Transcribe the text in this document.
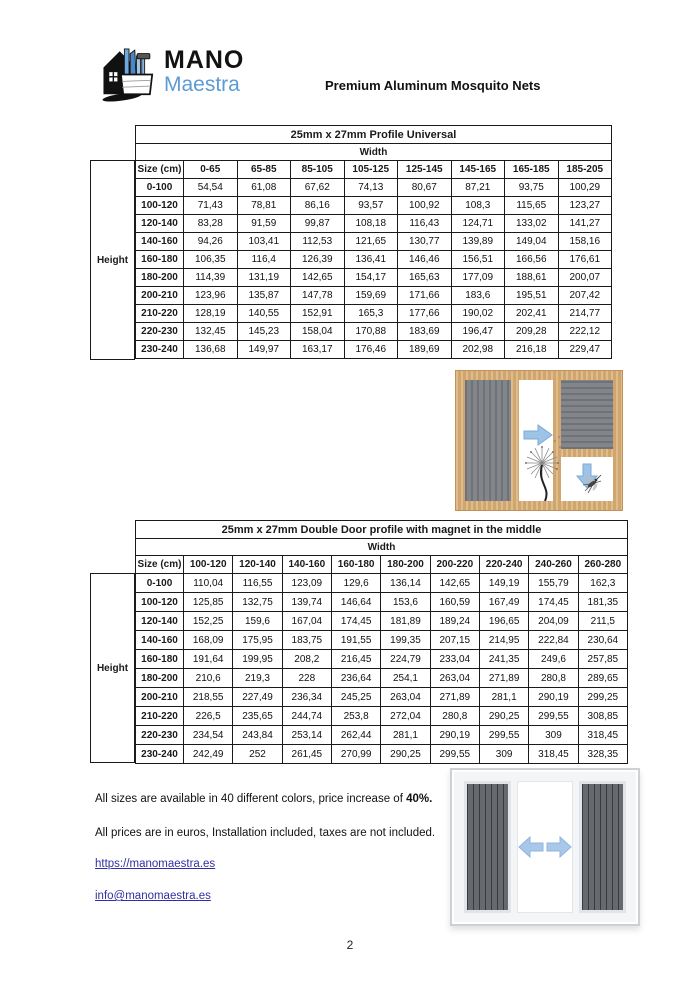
MANO
Maestra	Premium Aluminum Mosquito Nets
Height
25mm x 27mm Profile Universal								
Width								
Size (cm)	0-65	65-85	85-105	105-125	125-145	145-165	165-185	185-205
0-100	54,54	61,08	67,62	74,13	80,67	87,21	93,75	100,29
100-120	71,43	78,81	86,16	93,57	100,92	108,3	115,65	123,27
120-140	83,28	91,59	99,87	108,18	116,43	124,71	133,02	141,27
140-160	94,26	103,41	112,53	121,65	130,77	139,89	149,04	158,16
160-180	106,35	116,4	126,39	136,41	146,46	156,51	166,56	176,61
180-200	114,39	131,19	142,65	154,17	165,63	177,09	188,61	200,07
200-210	123,96	135,87	147,78	159,69	171,66	183,6	195,51	207,42
210-220	128,19	140,55	152,91	165,3	177,66	190,02	202,41	214,77
220-230	132,45	145,23	158,04	170,88	183,69	196,47	209,28	222,12
230-240	136,68	149,97	163,17	176,46	189,69	202,98	216,18	229,47
Height
25mm x 27mm Double Door profile with magnet in the middle									
Width									
Size (cm)	100-120	120-140	140-160	160-180	180-200	200-220	220-240	240-260	260-280
0-100	110,04	116,55	123,09	129,6	136,14	142,65	149,19	155,79	162,3
100-120	125,85	132,75	139,74	146,64	153,6	160,59	167,49	174,45	181,35
120-140	152,25	159,6	167,04	174,45	181,89	189,24	196,65	204,09	211,5
140-160	168,09	175,95	183,75	191,55	199,35	207,15	214,95	222,84	230,64
160-180	191,64	199,95	208,2	216,45	224,79	233,04	241,35	249,6	257,85
180-200	210,6	219,3	228	236,64	254,1	263,04	271,89	280,8	289,65
200-210	218,55	227,49	236,34	245,25	263,04	271,89	281,1	290,19	299,25
210-220	226,5	235,65	244,74	253,8	272,04	280,8	290,25	299,55	308,85
220-230	234,54	243,84	253,14	262,44	281,1	290,19	299,55	309	318,45
230-240	242,49	252	261,45	270,99	290,25	299,55	309	318,45	328,35
All sizes are available in 40 different colors, price increase of 40%.
All prices are in euros, Installation included, taxes are not included.
https://manomaestra.es
info@manomaestra.es
2
